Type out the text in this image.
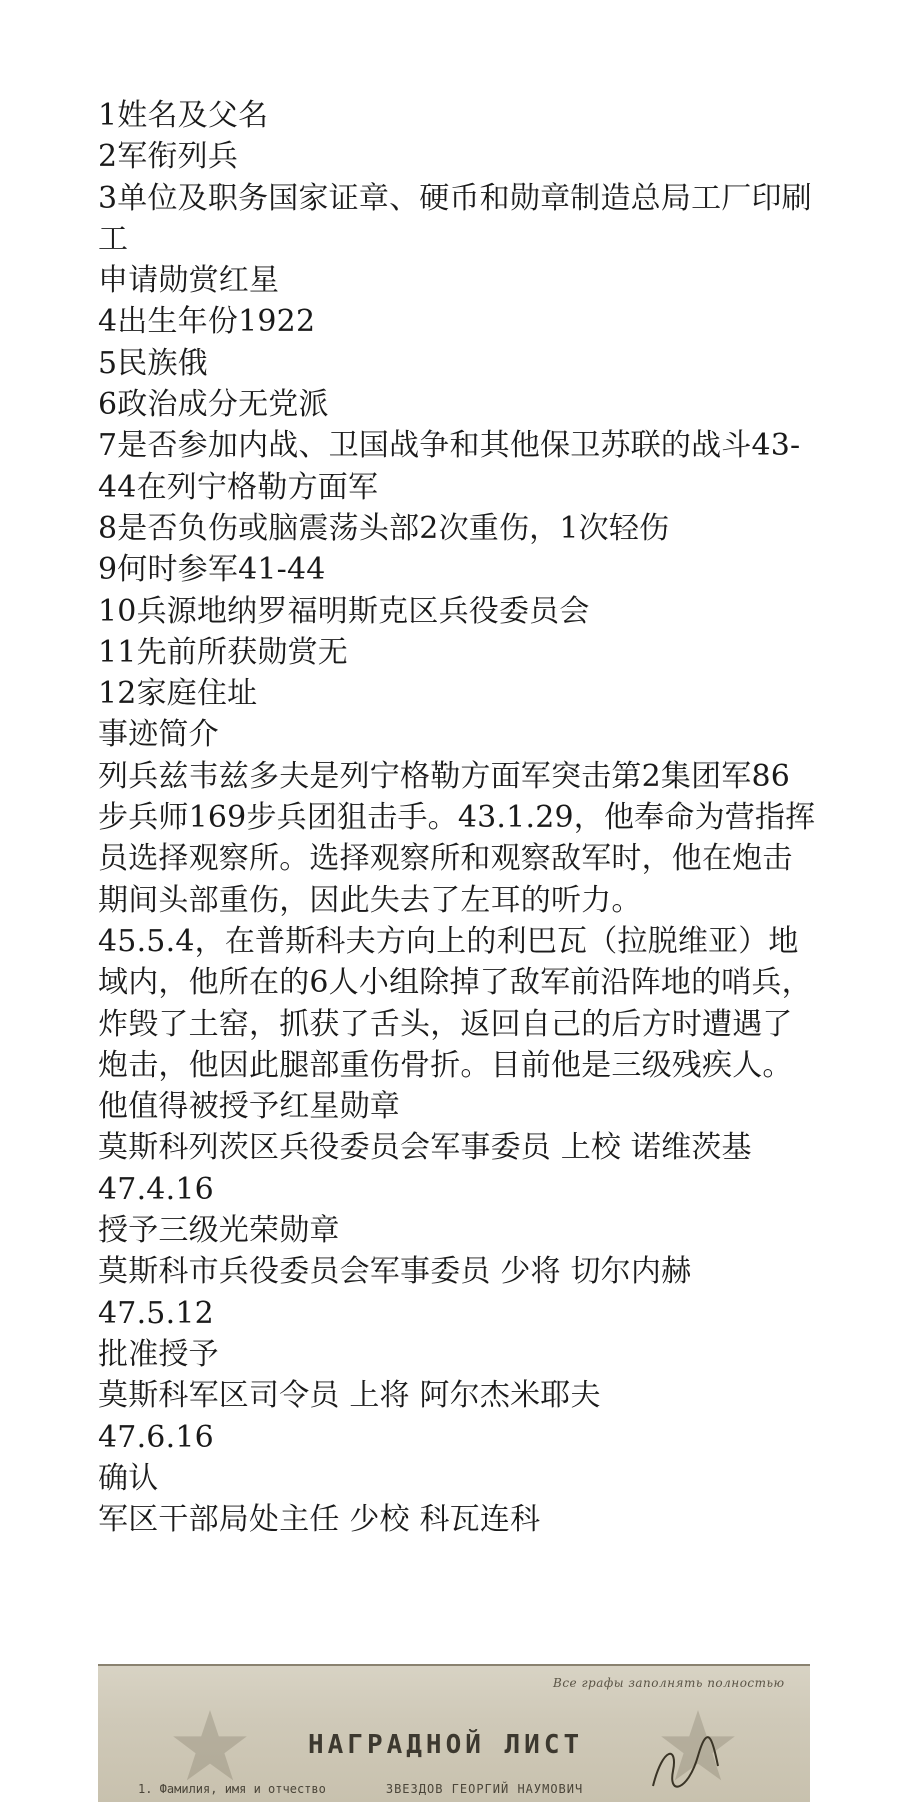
1姓名及父名
2军衔列兵
3单位及职务国家证章、硬币和勋章制造总局工厂印刷工
申请勋赏红星
4出生年份1922
5民族俄
6政治成分无党派
7是否参加内战、卫国战争和其他保卫苏联的战斗43-44在列宁格勒方面军
8是否负伤或脑震荡头部2次重伤，1次轻伤
9何时参军41-44
10兵源地纳罗福明斯克区兵役委员会
11先前所获勋赏无
12家庭住址
事迹简介
列兵兹韦兹多夫是列宁格勒方面军突击第2集团军86步兵师169步兵团狙击手。43.1.29，他奉命为营指挥员选择观察所。选择观察所和观察敌军时，他在炮击期间头部重伤，因此失去了左耳的听力。
45.5.4，在普斯科夫方向上的利巴瓦（拉脱维亚）地域内，他所在的6人小组除掉了敌军前沿阵地的哨兵，炸毁了土窑，抓获了舌头，返回自己的后方时遭遇了炮击，他因此腿部重伤骨折。目前他是三级残疾人。
他值得被授予红星勋章
莫斯科列茨区兵役委员会军事委员 上校 诺维茨基
47.4.16
授予三级光荣勋章
莫斯科市兵役委员会军事委员 少将 切尔内赫
47.5.12
批准授予
莫斯科军区司令员 上将 阿尔杰米耶夫
47.6.16
确认
军区干部局处主任 少校 科瓦连科
Все графы заполнять полностью
НАГРАДНОЙ ЛИСТ
1. Фамилия, имя и отчество	ЗВЕЗДОВ ГЕОРГИЙ НАУМОВИЧ
